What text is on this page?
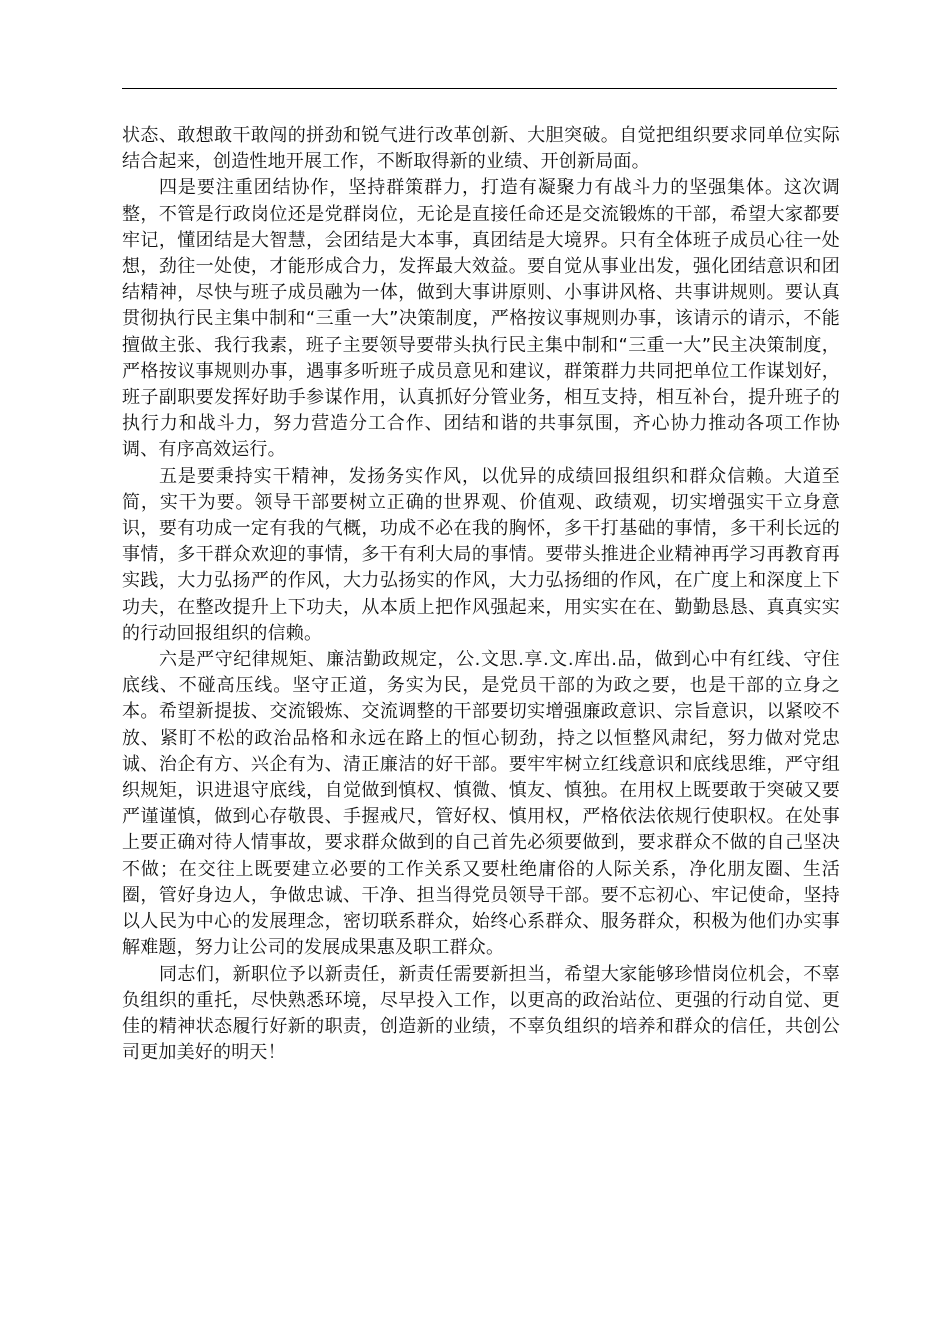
状态、敢想敢干敢闯的拼劲和锐气进行改革创新、大胆突破。自觉把组织要求同单位实际结合起来，创造性地开展工作，不断取得新的业绩、开创新局面。

四是要注重团结协作，坚持群策群力，打造有凝聚力有战斗力的坚强集体。这次调整，不管是行政岗位还是党群岗位，无论是直接任命还是交流锻炼的干部，希望大家都要牢记，懂团结是大智慧，会团结是大本事，真团结是大境界。只有全体班子成员心往一处想，劲往一处使，才能形成合力，发挥最大效益。要自觉从事业出发，强化团结意识和团结精神，尽快与班子成员融为一体，做到大事讲原则、小事讲风格、共事讲规则。要认真贯彻执行民主集中制和“三重一大”决策制度，严格按议事规则办事，该请示的请示，不能擅做主张、我行我素，班子主要领导要带头执行民主集中制和“三重一大”民主决策制度，严格按议事规则办事，遇事多听班子成员意见和建议，群策群力共同把单位工作谋划好，班子副职要发挥好助手参谋作用，认真抓好分管业务，相互支持，相互补台，提升班子的执行力和战斗力，努力营造分工合作、团结和谐的共事氛围，齐心协力推动各项工作协调、有序高效运行。

五是要秉持实干精神，发扬务实作风，以优异的成绩回报组织和群众信赖。大道至简，实干为要。领导干部要树立正确的世界观、价值观、政绩观，切实增强实干立身意识，要有功成一定有我的气概，功成不必在我的胸怀，多干打基础的事情，多干利长远的事情，多干群众欢迎的事情，多干有利大局的事情。要带头推进企业精神再学习再教育再实践，大力弘扬严的作风，大力弘扬实的作风，大力弘扬细的作风，在广度上和深度上下功夫，在整改提升上下功夫，从本质上把作风强起来，用实实在在、勤勤恳恳、真真实实的行动回报组织的信赖。

六是严守纪律规矩、廉洁勤政规定，公.文思.享.文.库出.品，做到心中有红线、守住底线、不碰高压线。坚守正道，务实为民，是党员干部的为政之要，也是干部的立身之本。希望新提拔、交流锻炼、交流调整的干部要切实增强廉政意识、宗旨意识，以紧咬不放、紧盯不松的政治品格和永远在路上的恒心韧劲，持之以恒整风肃纪，努力做对党忠诚、治企有方、兴企有为、清正廉洁的好干部。要牢牢树立红线意识和底线思维，严守组织规矩，识进退守底线，自觉做到慎权、慎微、慎友、慎独。在用权上既要敢于突破又要严谨谨慎，做到心存敬畏、手握戒尺，管好权、慎用权，严格依法依规行使职权。在处事上要正确对待人情事故，要求群众做到的自己首先必须要做到，要求群众不做的自己坚决不做；在交往上既要建立必要的工作关系又要杜绝庸俗的人际关系，净化朋友圈、生活圈，管好身边人，争做忠诚、干净、担当得党员领导干部。要不忘初心、牢记使命，坚持以人民为中心的发展理念，密切联系群众，始终心系群众、服务群众，积极为他们办实事解难题，努力让公司的发展成果惠及职工群众。

同志们，新职位予以新责任，新责任需要新担当，希望大家能够珍惜岗位机会，不辜负组织的重托，尽快熟悉环境，尽早投入工作，以更高的政治站位、更强的行动自觉、更佳的精神状态履行好新的职责，创造新的业绩，不辜负组织的培养和群众的信任，共创公司更加美好的明天！
